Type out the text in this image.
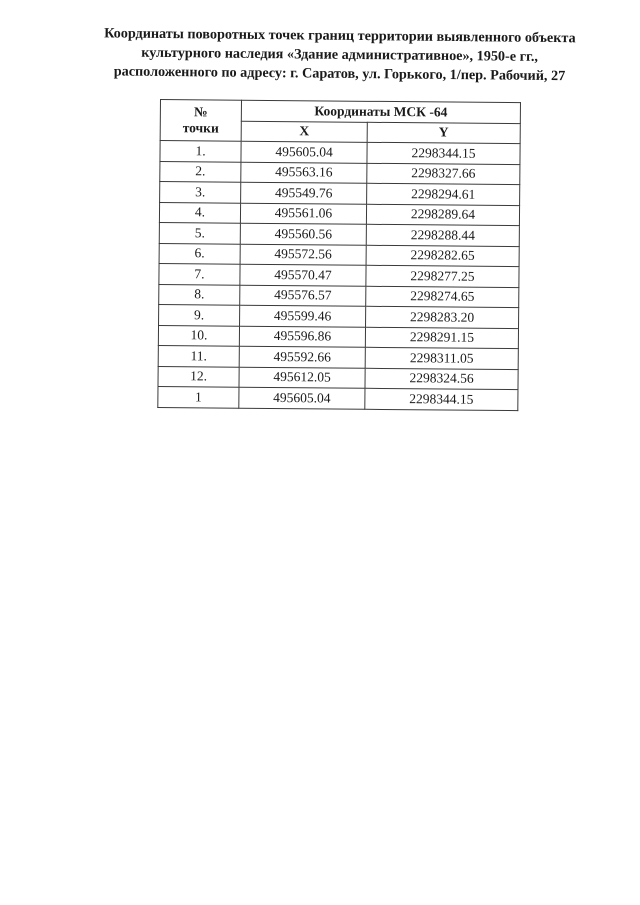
Координаты поворотных точек границ территории выявленного объекта
культурного наследия «Здание административное», 1950-е гг.,
расположенного по адресу: г. Саратов, ул. Горького, 1/пер. Рабочий, 27
№
точки	Координаты МСК -64	
	X	Y
1.	495605.04	2298344.15
2.	495563.16	2298327.66
3.	495549.76	2298294.61
4.	495561.06	2298289.64
5.	495560.56	2298288.44
6.	495572.56	2298282.65
7.	495570.47	2298277.25
8.	495576.57	2298274.65
9.	495599.46	2298283.20
10.	495596.86	2298291.15
11.	495592.66	2298311.05
12.	495612.05	2298324.56
1	495605.04	2298344.15
